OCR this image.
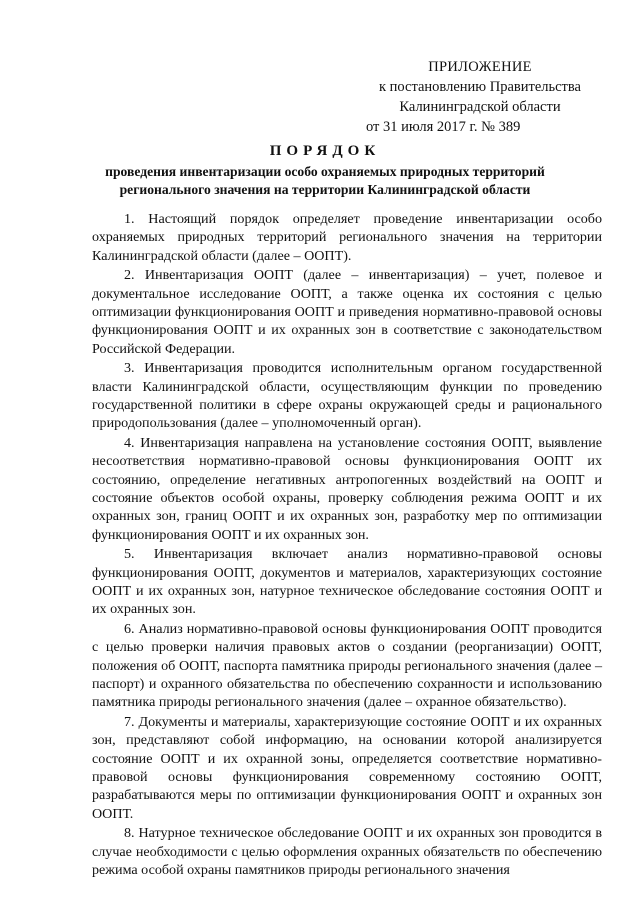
ПРИЛОЖЕНИЕ
к постановлению Правительства
Калининградской области
от 31 июля 2017 г. № 389
ПОРЯДОК
проведения инвентаризации особо охраняемых природных территорий регионального значения на территории Калининградской области

1. Настоящий порядок определяет проведение инвентаризации особо охраняемых природных территорий регионального значения на территории Калининградской области (далее – ООПТ).

2. Инвентаризация ООПТ (далее – инвентаризация) – учет, полевое и документальное исследование ООПТ, а также оценка их состояния с целью оптимизации функционирования ООПТ и приведения нормативно-правовой основы функционирования ООПТ и их охранных зон в соответствие с законодательством Российской Федерации.

3. Инвентаризация проводится исполнительным органом государственной власти Калининградской области, осуществляющим функции по проведению государственной политики в сфере охраны окружающей среды и рационального природопользования (далее – уполномоченный орган).

4. Инвентаризация направлена на установление состояния ООПТ, выявление несоответствия нормативно-правовой основы функционирования ООПТ их состоянию, определение негативных антропогенных воздействий на ООПТ и состояние объектов особой охраны, проверку соблюдения режима ООПТ и их охранных зон, границ ООПТ и их охранных зон, разработку мер по оптимизации функционирования ООПТ и их охранных зон.

5. Инвентаризация включает анализ нормативно-правовой основы функционирования ООПТ, документов и материалов, характеризующих состояние ООПТ и их охранных зон, натурное техническое обследование состояния ООПТ и их охранных зон.

6. Анализ нормативно-правовой основы функционирования ООПТ проводится с целью проверки наличия правовых актов о создании (реорганизации) ООПТ, положения об ООПТ, паспорта памятника природы регионального значения (далее – паспорт) и охранного обязательства по обеспечению сохранности и использованию памятника природы регионального значения (далее – охранное обязательство).

7. Документы и материалы, характеризующие состояние ООПТ и их охранных зон, представляют собой информацию, на основании которой анализируется состояние ООПТ и их охранной зоны, определяется соответствие нормативно-правовой основы функционирования современному состоянию ООПТ, разрабатываются меры по оптимизации функционирования ООПТ и охранных зон ООПТ.

8. Натурное техническое обследование ООПТ и их охранных зон проводится в случае необходимости с целью оформления охранных обязательств по обеспечению режима особой охраны памятников природы регионального значения
